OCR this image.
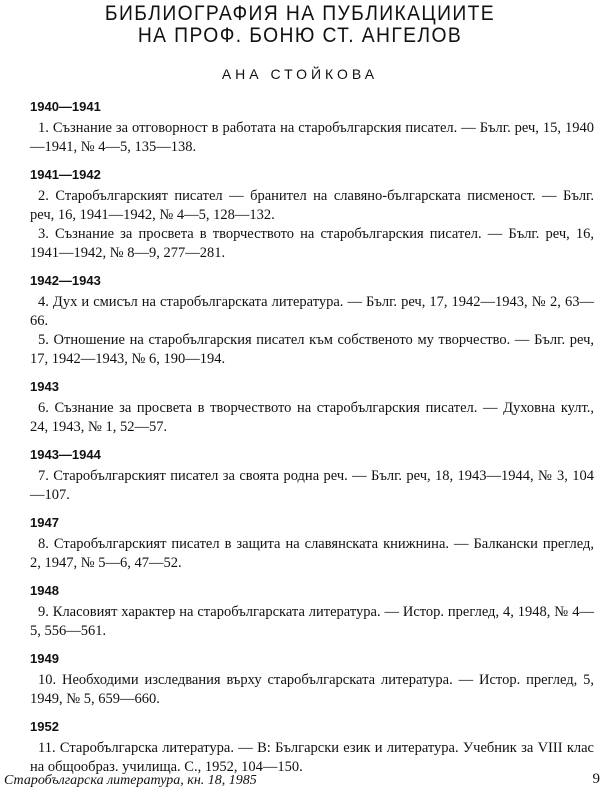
БИБЛИОГРАФИЯ НА ПУБЛИКАЦИИТЕ
НА ПРОФ. БОНЮ СТ. АНГЕЛОВ
АНА СТОЙКОВА
1940—1941
1. Съзнание за отговорност в работата на старобългарския писател. — Бълг. реч, 15, 1940—1941, № 4—5, 135—138.
1941—1942
2. Старобългарският писател — бранител на славяно-българската писменост. — Бълг. реч, 16, 1941—1942, № 4—5, 128—132.
3. Съзнание за просвета в творчеството на старобългарския писател. — Бълг. реч, 16, 1941—1942, № 8—9, 277—281.
1942—1943
4. Дух и смисъл на старобългарската литература. — Бълг. реч, 17, 1942—1943, № 2, 63—66.
5. Отношение на старобългарския писател към собственото му творчество. — Бълг. реч, 17, 1942—1943, № 6, 190—194.
1943
6. Съзнание за просвета в творчеството на старобългарския писател. — Духовна култ., 24, 1943, № 1, 52—57.
1943—1944
7. Старобългарският писател за своята родна реч. — Бълг. реч, 18, 1943—1944, № 3, 104—107.
1947
8. Старобългарският писател в защита на славянската книжнина. — Балкански преглед, 2, 1947, № 5—6, 47—52.
1948
9. Класовият характер на старобългарската литература. — Истор. преглед, 4, 1948, № 4—5, 556—561.
1949
10. Необходими изследвания върху старобългарската литература. — Истор. преглед, 5, 1949, № 5, 659—660.
1952
11. Старобългарска литература. — В: Български език и литература. Учебник за VIII клас на общообраз. училища. С., 1952, 104—150.
Старобългарска литература, кн. 18, 1985	9
